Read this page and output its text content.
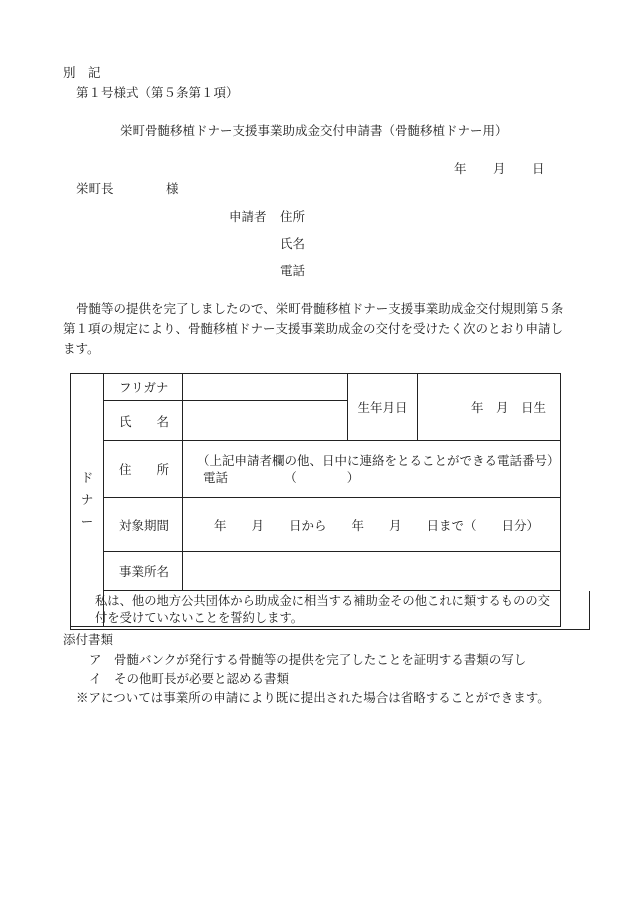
別　記
第１号様式（第５条第１項）
栄町骨髄移植ドナー支援事業助成金交付申請書（骨髄移植ドナー用）
年 月 日
栄町長	様
申請者 住所
氏名
電話
骨髄等の提供を完了しましたので、栄町骨髄移植ドナー支援事業助成金交付規則第５条
第１項の規定により、骨髄移植ドナー支援事業助成金の交付を受けたく次のとおり申請し
ます。
ド
ナ
ー	フリガナ		生年月日	年　月　日生
	氏　　名			
	住　　所	（上記申請者欄の他、日中に連絡をとることができる電話番号）
電話　　　　　（　　　　）		

	対象期間	年　　月　　日から　　年　　月　　日まで（　　日分）		
	事業所名			

私は、他の地方公共団体から助成金に相当する補助金その他これに類するものの交
付を受けていないことを誓約します。
添付書類
ア　骨髄バンクが発行する骨髄等の提供を完了したことを証明する書類の写し
イ　その他町長が必要と認める書類
※アについては事業所の申請により既に提出された場合は省略することができます。
